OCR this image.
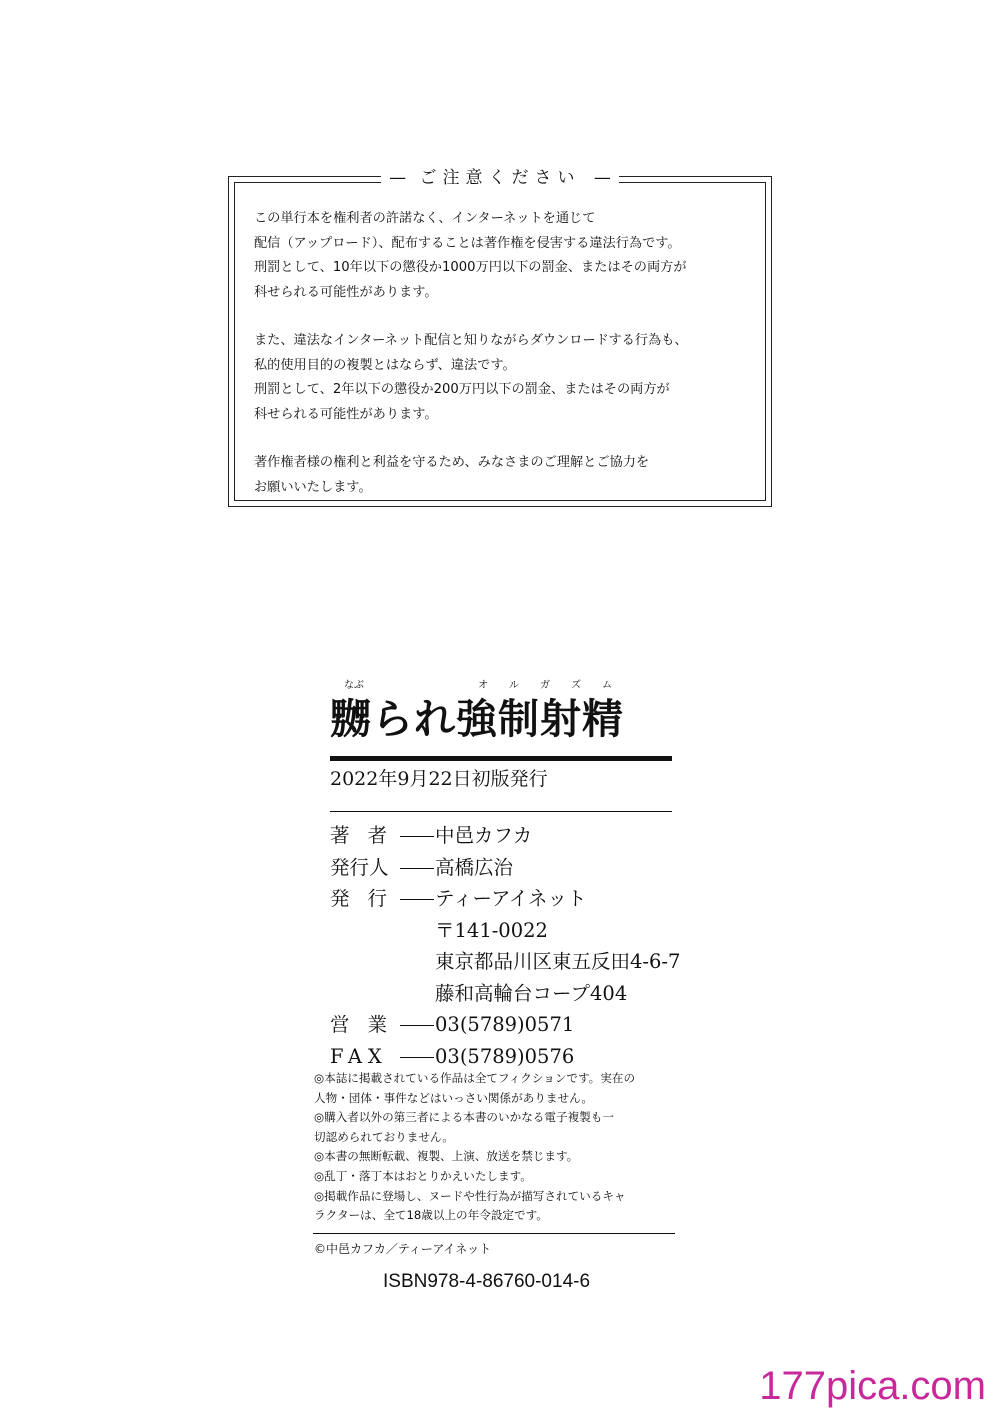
— ご注意ください —

この単行本を権利者の許諾なく、インターネットを通じて
配信（アップロード）、配布することは著作権を侵害する違法行為です。
刑罰として、10年以下の懲役か1000万円以下の罰金、またはその両方が
科せられる可能性があります。

また、違法なインターネット配信と知りながらダウンロードする行為も、
私的使用目的の複製とはならず、違法です。
刑罰として、2年以下の懲役か200万円以下の罰金、またはその両方が
科せられる可能性があります。

著作権者様の権利と利益を守るため、みなさまのご理解とご協力を
お願いいたします。

なぶ	オルガズム
嬲られ強制射精
2022年9月22日初版発行
著者 中邑カフカ
発行人 高橋広治
発行 ティーアイネット
〒141-0022
東京都品川区東五反田4-6-7
藤和高輪台コープ404
営業 03(5789)0571
FAX 03(5789)0576
◎本誌に掲載されている作品は全てフィクションです。実在の
人物・団体・事件などはいっさい関係がありません。
◎購入者以外の第三者による本書のいかなる電子複製も一
切認められておりません。
◎本書の無断転載、複製、上演、放送を禁じます。
◎乱丁・落丁本はおとりかえいたします。
◎掲載作品に登場し、ヌードや性行為が描写されているキャ
ラクターは、全て18歳以上の年令設定です。
©中邑カフカ／ティーアイネット
ISBN978-4-86760-014-6
177pica.com
